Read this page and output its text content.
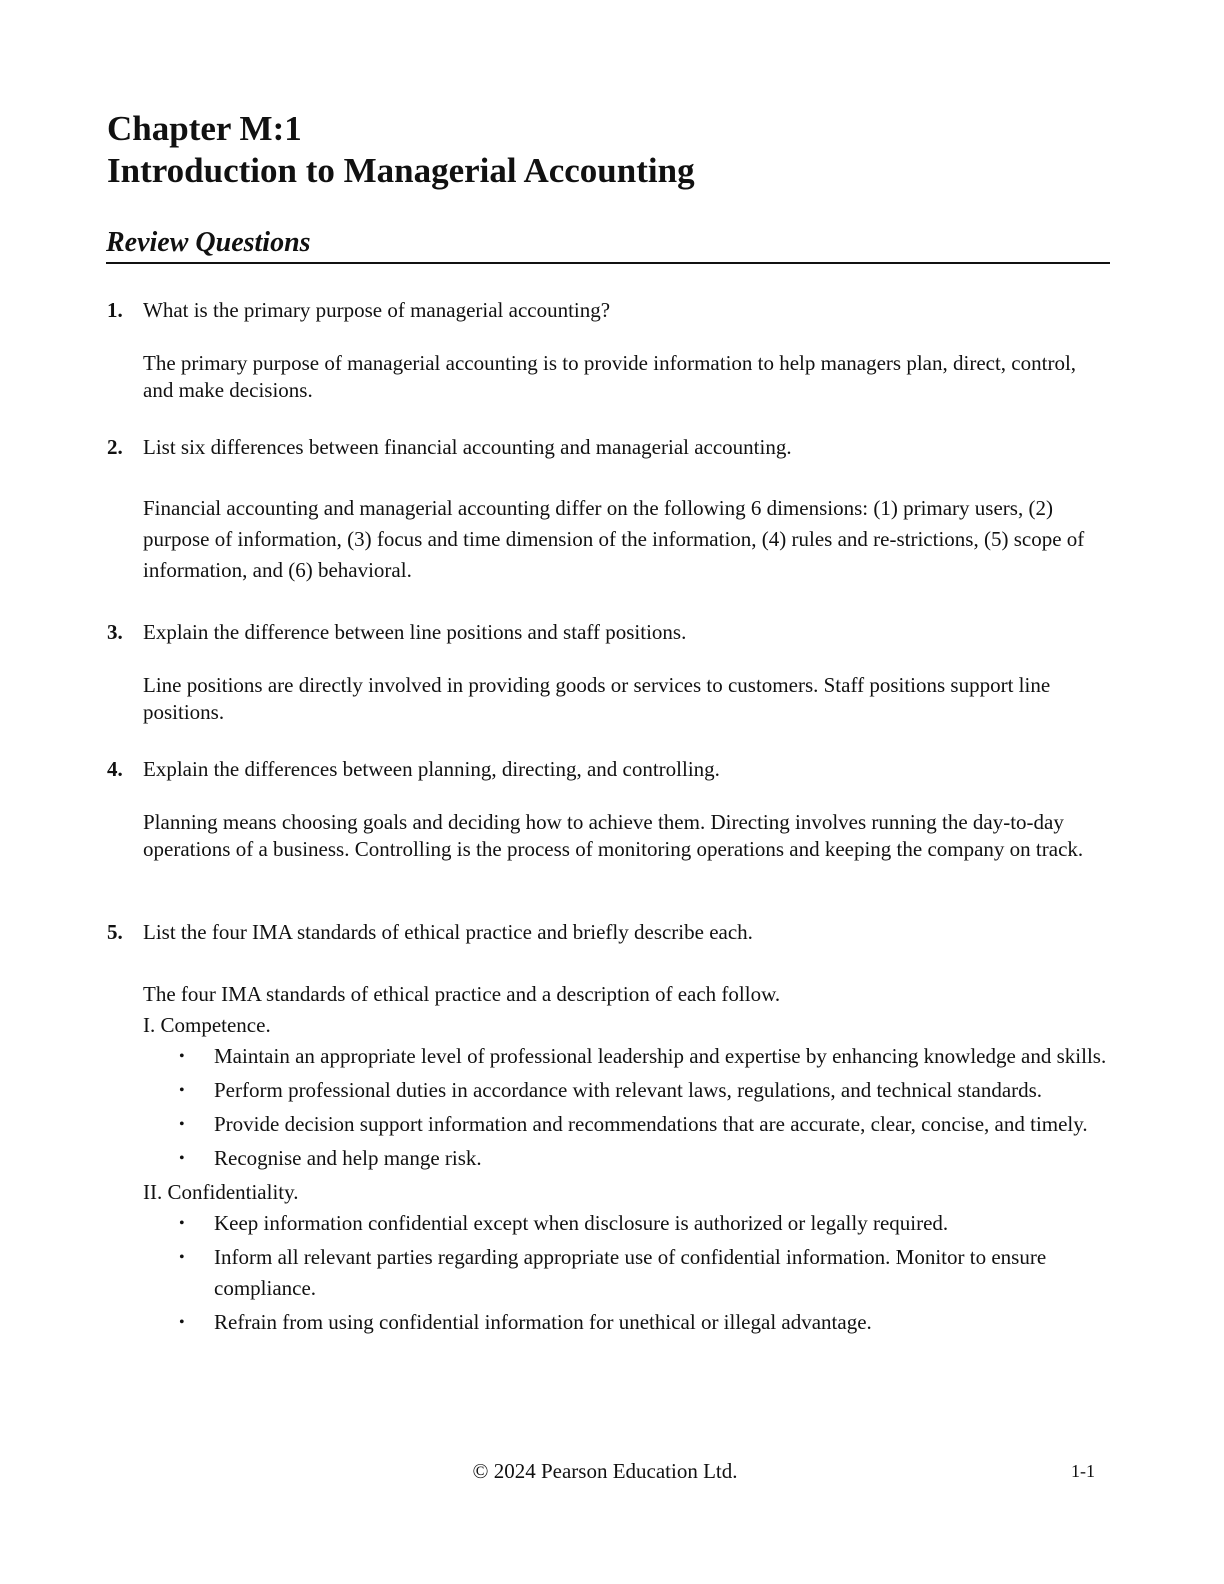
Chapter M:1
Introduction to Managerial Accounting
Review Questions
1. What is the primary purpose of managerial accounting?
The primary purpose of managerial accounting is to provide information to help managers plan, direct, control, and make decisions.
2. List six differences between financial accounting and managerial accounting.
Financial accounting and managerial accounting differ on the following 6 dimensions: (1) primary users, (2) purpose of information, (3) focus and time dimension of the information, (4) rules and re-strictions, (5) scope of information, and (6) behavioral.
3. Explain the difference between line positions and staff positions.
Line positions are directly involved in providing goods or services to customers. Staff positions support line positions.
4. Explain the differences between planning, directing, and controlling.
Planning means choosing goals and deciding how to achieve them. Directing involves running the day-to-day operations of a business. Controlling is the process of monitoring operations and keeping the company on track.
5. List the four IMA standards of ethical practice and briefly describe each.
The four IMA standards of ethical practice and a description of each follow.
I. Competence.
• Maintain an appropriate level of professional leadership and expertise by enhancing knowledge and skills.
• Perform professional duties in accordance with relevant laws, regulations, and technical standards.
• Provide decision support information and recommendations that are accurate, clear, concise, and timely.
• Recognise and help mange risk.
II. Confidentiality.
• Keep information confidential except when disclosure is authorized or legally required.
• Inform all relevant parties regarding appropriate use of confidential information. Monitor to ensure compliance.
• Refrain from using confidential information for unethical or illegal advantage.
© 2024 Pearson Education Ltd.	1-1
